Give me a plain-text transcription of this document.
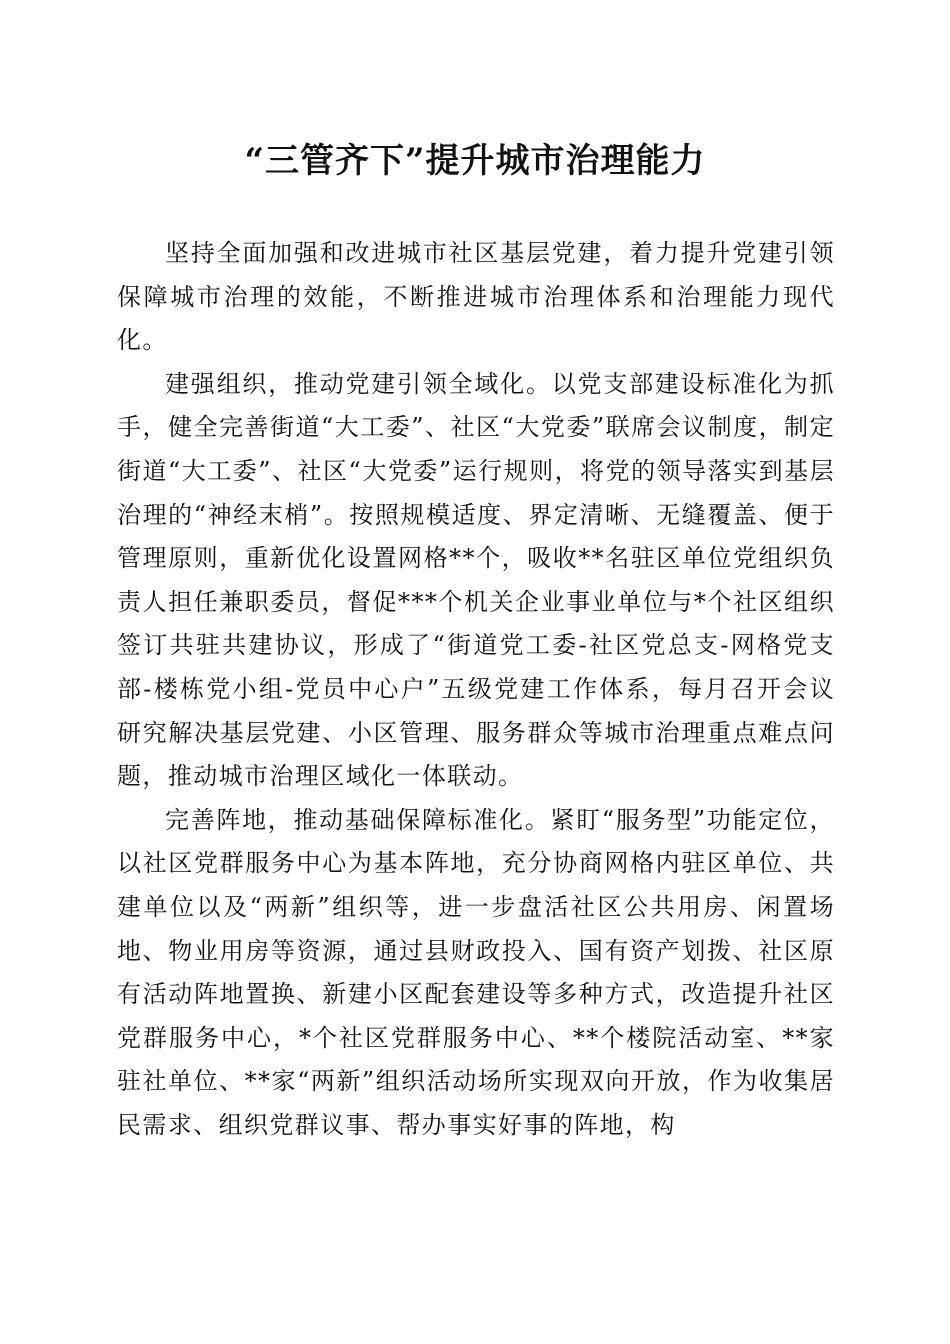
“三管齐下”提升城市治理能力

坚持全面加强和改进城市社区基层党建，着力提升党建引领保障城市治理的效能，不断推进城市治理体系和治理能力现代化。

建强组织，推动党建引领全域化。以党支部建设标准化为抓手，健全完善街道“大工委”、社区“大党委”联席会议制度，制定街道“大工委”、社区“大党委”运行规则，将党的领导落实到基层治理的“神经末梢”。按照规模适度、界定清晰、无缝覆盖、便于管理原则，重新优化设置网格**个，吸收**名驻区单位党组织负责人担任兼职委员，督促***个机关企业事业单位与*个社区组织签订共驻共建协议，形成了“街道党工委-社区党总支-网格党支部-楼栋党小组-党员中心户”五级党建工作体系，每月召开会议研究解决基层党建、小区管理、服务群众等城市治理重点难点问题，推动城市治理区域化一体联动。

完善阵地，推动基础保障标准化。紧盯“服务型”功能定位，以社区党群服务中心为基本阵地，充分协商网格内驻区单位、共建单位以及“两新”组织等，进一步盘活社区公共用房、闲置场地、物业用房等资源，通过县财政投入、国有资产划拨、社区原有活动阵地置换、新建小区配套建设等多种方式，改造提升社区党群服务中心，*个社区党群服务中心、**个楼院活动室、**家驻社单位、**家“两新”组织活动场所实现双向开放，作为收集居民需求、组织党群议事、帮办事实好事的阵地，构
